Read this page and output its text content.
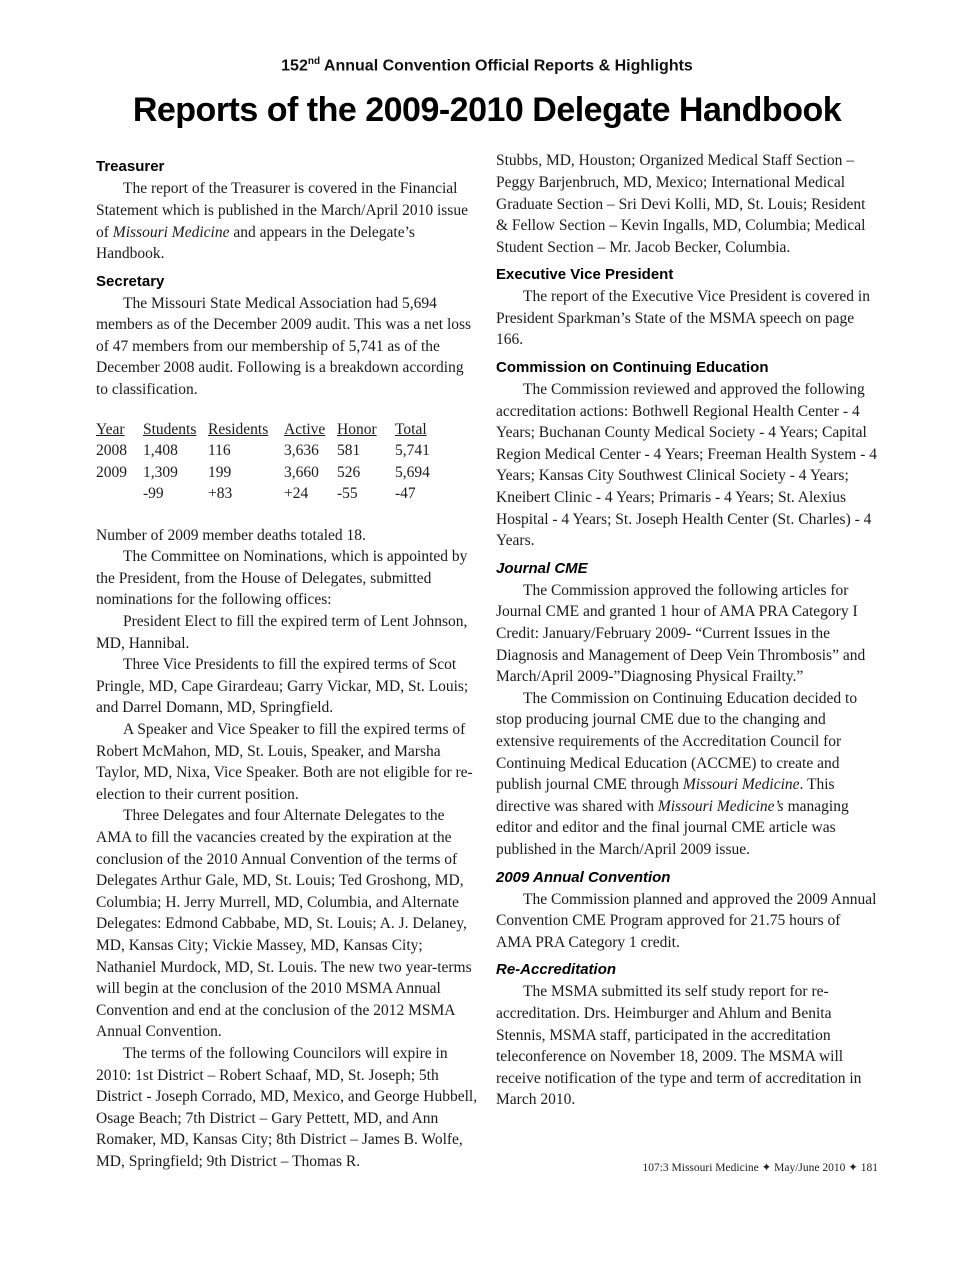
152nd Annual Convention Official Reports & Highlights
Reports of the 2009-2010 Delegate Handbook
Treasurer

The report of the Treasurer is covered in the Financial Statement which is published in the March/April 2010 issue of Missouri Medicine and appears in the Delegate’s Handbook.

Secretary

The Missouri State Medical Association had 5,694 members as of the December 2009 audit. This was a net loss of 47 members from our membership of 5,741 as of the December 2008 audit. Following is a breakdown according to classification.

Year	Students	Residents	Active	Honor	Total
2008	1,408	116	3,636	581	5,741
2009	1,309	199	3,660	526	5,694
	-99	+83	+24	-55	-47

Number of 2009 member deaths totaled 18.

The Committee on Nominations, which is appointed by the President, from the House of Delegates, submitted nominations for the following offices:

President Elect to fill the expired term of Lent Johnson, MD, Hannibal.

Three Vice Presidents to fill the expired terms of Scot Pringle, MD, Cape Girardeau; Garry Vickar, MD, St. Louis; and Darrel Domann, MD, Springfield.

A Speaker and Vice Speaker to fill the expired terms of Robert McMahon, MD, St. Louis, Speaker, and Marsha Taylor, MD, Nixa, Vice Speaker. Both are not eligible for re-election to their current position.

Three Delegates and four Alternate Delegates to the AMA to fill the vacancies created by the expiration at the conclusion of the 2010 Annual Convention of the terms of Delegates Arthur Gale, MD, St. Louis; Ted Groshong, MD, Columbia; H. Jerry Murrell, MD, Columbia, and Alternate Delegates: Edmond Cabbabe, MD, St. Louis; A. J. Delaney, MD, Kansas City; Vickie Massey, MD, Kansas City; Nathaniel Murdock, MD, St. Louis. The new two year-terms will begin at the conclusion of the 2010 MSMA Annual Convention and end at the conclusion of the 2012 MSMA Annual Convention.

The terms of the following Councilors will expire in 2010: 1st District – Robert Schaaf, MD, St. Joseph; 5th District - Joseph Corrado, MD, Mexico, and George Hubbell, Osage Beach; 7th District – Gary Pettett, MD, and Ann Romaker, MD, Kansas City; 8th District – James B. Wolfe, MD, Springfield; 9th District – Thomas R.

Stubbs, MD, Houston; Organized Medical Staff Section – Peggy Barjenbruch, MD, Mexico; International Medical Graduate Section – Sri Devi Kolli, MD, St. Louis; Resident & Fellow Section – Kevin Ingalls, MD, Columbia; Medical Student Section – Mr. Jacob Becker, Columbia.

Executive Vice President

The report of the Executive Vice President is covered in President Sparkman’s State of the MSMA speech on page 166.

Commission on Continuing Education

The Commission reviewed and approved the following accreditation actions: Bothwell Regional Health Center - 4 Years; Buchanan County Medical Society - 4 Years; Capital Region Medical Center - 4 Years; Freeman Health System - 4 Years; Kansas City Southwest Clinical Society - 4 Years; Kneibert Clinic - 4 Years; Primaris - 4 Years; St. Alexius Hospital - 4 Years; St. Joseph Health Center (St. Charles) - 4 Years.

Journal CME

The Commission approved the following articles for Journal CME and granted 1 hour of AMA PRA Category I Credit: January/February 2009- “Current Issues in the Diagnosis and Management of Deep Vein Thrombosis” and March/April 2009-”Diagnosing Physical Frailty.”

The Commission on Continuing Education decided to stop producing journal CME due to the changing and extensive requirements of the Accreditation Council for Continuing Medical Education (ACCME) to create and publish journal CME through Missouri Medicine. This directive was shared with Missouri Medicine’s managing editor and editor and the final journal CME article was published in the March/April 2009 issue.

2009 Annual Convention

The Commission planned and approved the 2009 Annual Convention CME Program approved for 21.75 hours of AMA PRA Category 1 credit.

Re-Accreditation

The MSMA submitted its self study report for re-accreditation. Drs. Heimburger and Ahlum and Benita Stennis, MSMA staff, participated in the accreditation teleconference on November 18, 2009. The MSMA will receive notification of the type and term of accreditation in March 2010.

107:3 Missouri Medicine ✦ May/June 2010 ✦ 181
